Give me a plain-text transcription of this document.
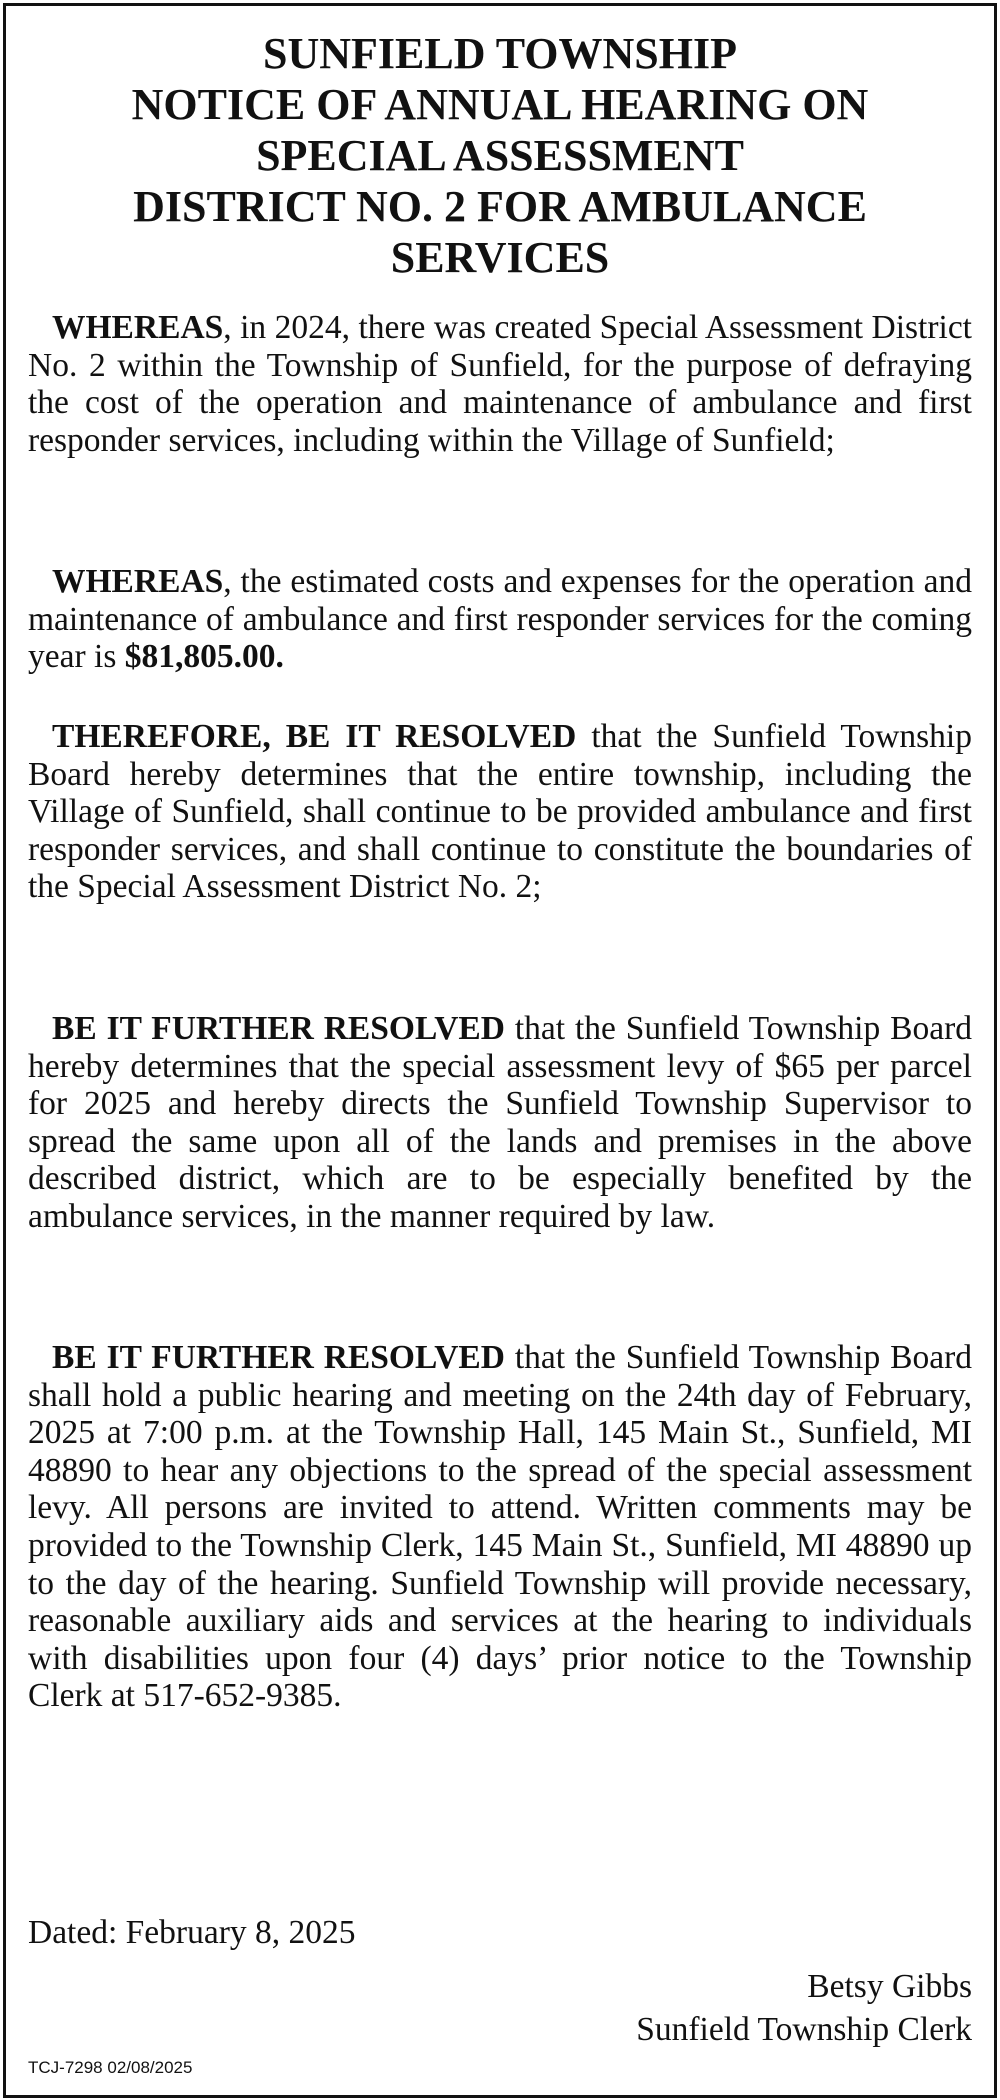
SUNFIELD TOWNSHIP
NOTICE OF ANNUAL HEARING ON
SPECIAL ASSESSMENT
DISTRICT NO. 2 FOR AMBULANCE
SERVICES

WHEREAS, in 2024, there was created Special Assessment District No. 2 within the Township of Sunfield, for the purpose of defraying the cost of the operation and maintenance of ambulance and first responder services, including within the Village of Sunfield;

WHEREAS, the estimated costs and expenses for the operation and maintenance of ambulance and first responder services for the coming year is $81,805.00.

THEREFORE, BE IT RESOLVED that the Sunfield Township Board hereby determines that the entire township, including the Village of Sunfield, shall continue to be provided ambulance and first responder services, and shall continue to constitute the boundaries of the Special Assessment District No. 2;

BE IT FURTHER RESOLVED that the Sunfield Township Board hereby determines that the special assessment levy of $65 per parcel for 2025 and hereby directs the Sunfield Township Supervisor to spread the same upon all of the lands and premises in the above described district, which are to be especially benefited by the ambulance services, in the manner required by law.

BE IT FURTHER RESOLVED that the Sunfield Township Board shall hold a public hearing and meeting on the 24th day of February, 2025 at 7:00 p.m. at the Township Hall, 145 Main St., Sunfield, MI 48890 to hear any objections to the spread of the special assessment levy. All persons are invited to attend. Written comments may be provided to the Township Clerk, 145 Main St., Sunfield, MI 48890 up to the day of the hearing. Sunfield Township will provide necessary, reasonable auxiliary aids and services at the hearing to individuals with disabilities upon four (4) days’ prior notice to the Township Clerk at 517-652-9385.

Dated: February 8, 2025
Betsy Gibbs
Sunfield Township Clerk
TCJ-7298 02/08/2025
